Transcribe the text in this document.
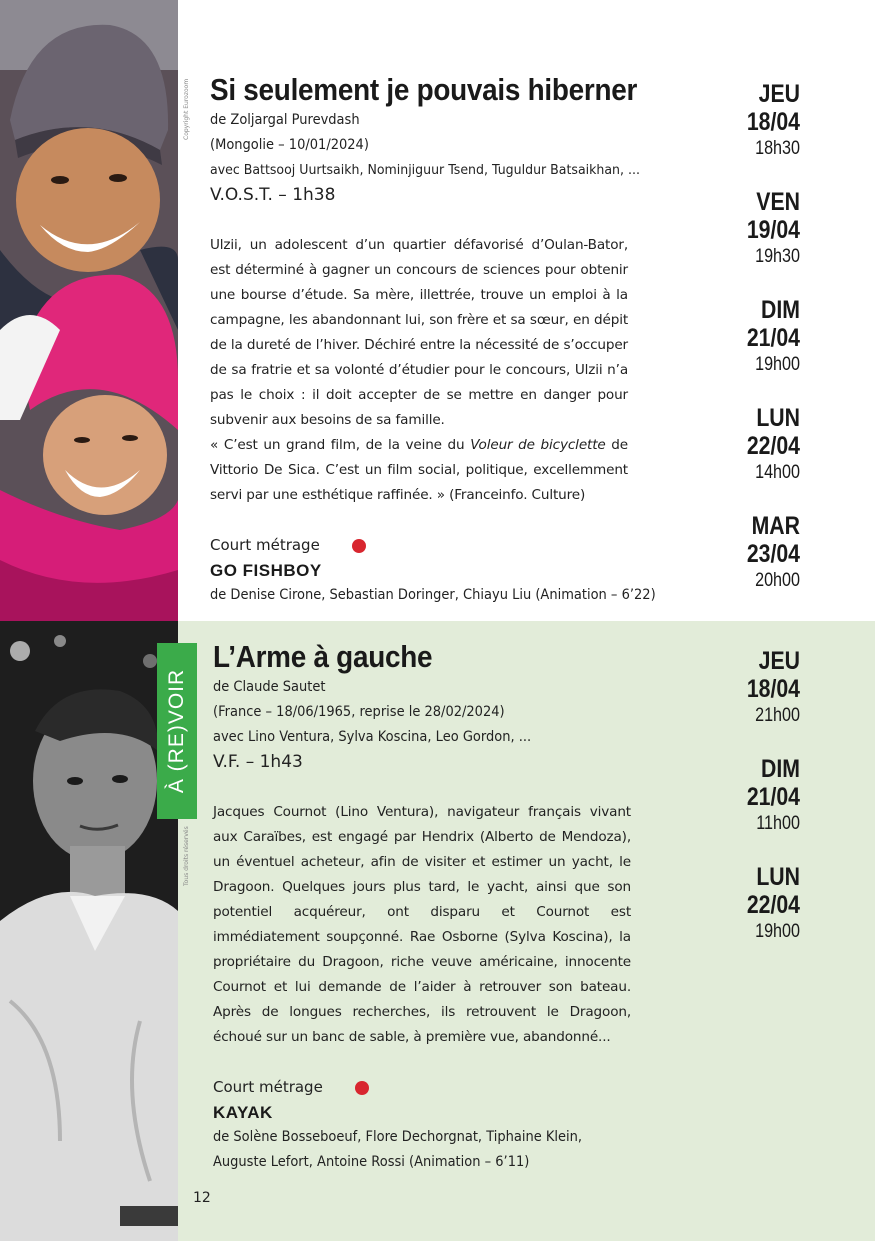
Copyright Eurozoom Si seulement je pouvais hiberner
de Zoljargal Purevdash
(Mongolie – 10/01/2024)
avec Battsooj Uurtsaikh, Nominjiguur Tsend, Tuguldur Batsaikhan, ...
V.O.S.T. – 1h38

Ulzii, un adolescent d’un quartier défavorisé d’Oulan-Bator, est déterminé à gagner un concours de sciences pour obtenir une bourse d’étude. Sa mère, illettrée, trouve un emploi à la campagne, les abandonnant lui, son frère et sa sœur, en dépit de la dureté de l’hiver. Déchiré entre la nécessité de s’occuper de sa fratrie et sa volonté d’étudier pour le concours, Ulzii n’a pas le choix : il doit accepter de se mettre en danger pour subvenir aux besoins de sa famille.

« C’est un grand film, de la veine du Voleur de bicyclette de Vittorio De Sica. C’est un film social, politique, excellemment servi par une esthétique raffinée. » (Franceinfo. Culture)

Court métrage
GO FISHBOY
de Denise Cirone, Sebastian Doringer, Chiayu Liu (Animation – 6’22)
JEU
18/04
18h30
VEN
19/04
19h30
DIM
21/04
19h00
LUN
22/04
14h00
MAR
23/04
20h00
Tous droits réservés
À (RE)VOIR
L’Arme à gauche
de Claude Sautet
(France – 18/06/1965, reprise le 28/02/2024)
avec Lino Ventura, Sylva Koscina, Leo Gordon, ...
V.F. – 1h43

Jacques Cournot (Lino Ventura), navigateur français vivant aux Caraïbes, est engagé par Hendrix (Alberto de Mendoza), un éventuel acheteur, afin de visiter et estimer un yacht, le Dragoon. Quelques jours plus tard, le yacht, ainsi que son potentiel acquéreur, ont disparu et Cournot est immédiatement soupçonné. Rae Osborne (Sylva Koscina), la propriétaire du Dragoon, riche veuve américaine, innocente Cournot et lui demande de l’aider à retrouver son bateau. Après de longues recherches, ils retrouvent le Dragoon, échoué sur un banc de sable, à première vue, abandonné...

Court métrage
KAYAK
de Solène Bosseboeuf, Flore Dechorgnat, Tiphaine Klein,
Auguste Lefort, Antoine Rossi (Animation – 6’11)
JEU
18/04
21h00
DIM
21/04
11h00
LUN
22/04
19h00
12
